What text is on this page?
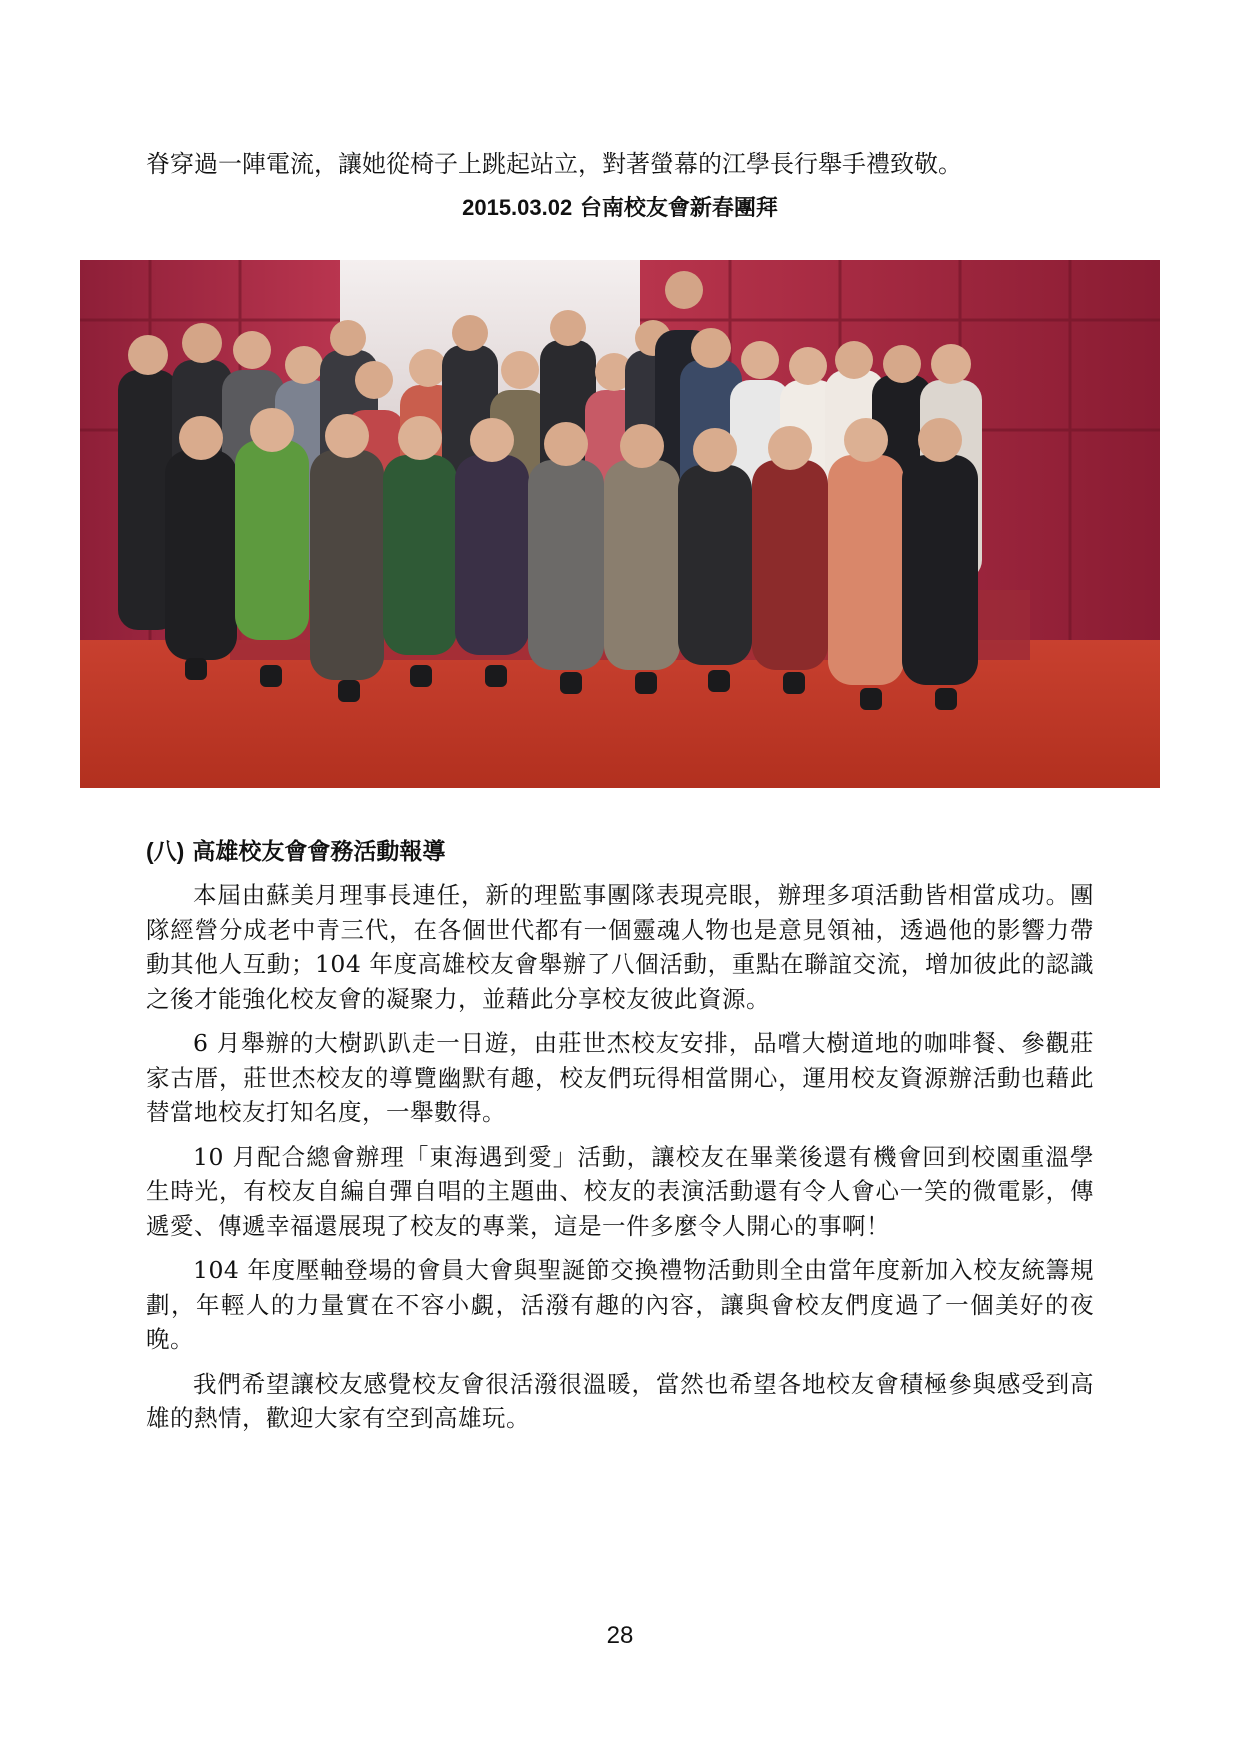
脊穿過一陣電流，讓她從椅子上跳起站立，對著螢幕的江學長行舉手禮致敬。
2015.03.02 台南校友會新春團拜
(八) 高雄校友會會務活動報導

本屆由蘇美月理事長連任，新的理監事團隊表現亮眼，辦理多項活動皆相當成功。團隊經營分成老中青三代，在各個世代都有一個靈魂人物也是意見領袖，透過他的影響力帶動其他人互動；104 年度高雄校友會舉辦了八個活動，重點在聯誼交流，增加彼此的認識之後才能強化校友會的凝聚力，並藉此分享校友彼此資源。

6 月舉辦的大樹趴趴走一日遊，由莊世杰校友安排，品嚐大樹道地的咖啡餐、參觀莊家古厝，莊世杰校友的導覽幽默有趣，校友們玩得相當開心，運用校友資源辦活動也藉此替當地校友打知名度，一舉數得。

10 月配合總會辦理「東海遇到愛」活動，讓校友在畢業後還有機會回到校園重溫學生時光，有校友自編自彈自唱的主題曲、校友的表演活動還有令人會心一笑的微電影，傳遞愛、傳遞幸福還展現了校友的專業，這是一件多麼令人開心的事啊！

104 年度壓軸登場的會員大會與聖誕節交換禮物活動則全由當年度新加入校友統籌規劃，年輕人的力量實在不容小覷，活潑有趣的內容，讓與會校友們度過了一個美好的夜晚。

我們希望讓校友感覺校友會很活潑很溫暖，當然也希望各地校友會積極參與感受到高雄的熱情，歡迎大家有空到高雄玩。

28
